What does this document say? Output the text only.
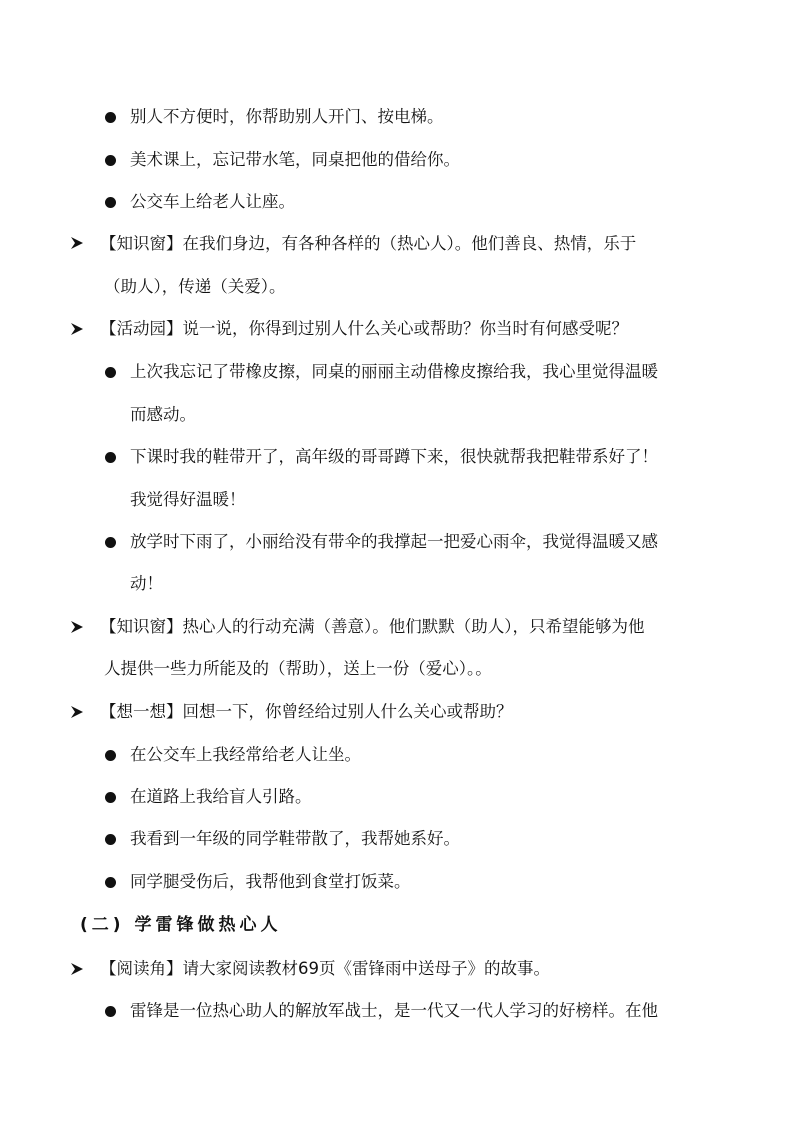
别人不方便时，你帮助别人开门、按电梯。
美术课上，忘记带水笔，同桌把他的借给你。
公交车上给老人让座。
【知识窗】在我们身边，有各种各样的（热心人）。他们善良、热情，乐于
（助人），传递（关爱）。
【活动园】说一说，你得到过别人什么关心或帮助？你当时有何感受呢？
上次我忘记了带橡皮擦，同桌的丽丽主动借橡皮擦给我，我心里觉得温暖
而感动。
下课时我的鞋带开了，高年级的哥哥蹲下来，很快就帮我把鞋带系好了！
我觉得好温暖！
放学时下雨了，小丽给没有带伞的我撑起一把爱心雨伞，我觉得温暖又感
动！
【知识窗】热心人的行动充满（善意）。他们默默（助人），只希望能够为他
人提供一些力所能及的（帮助），送上一份（爱心）。。
【想一想】回想一下，你曾经给过别人什么关心或帮助？
在公交车上我经常给老人让坐。
在道路上我给盲人引路。
我看到一年级的同学鞋带散了，我帮她系好。
同学腿受伤后，我帮他到食堂打饭菜。
(二) 学雷锋做热心人
【阅读角】请大家阅读教材69页《雷锋雨中送母子》的故事。
雷锋是一位热心助人的解放军战士，是一代又一代人学习的好榜样。在他
